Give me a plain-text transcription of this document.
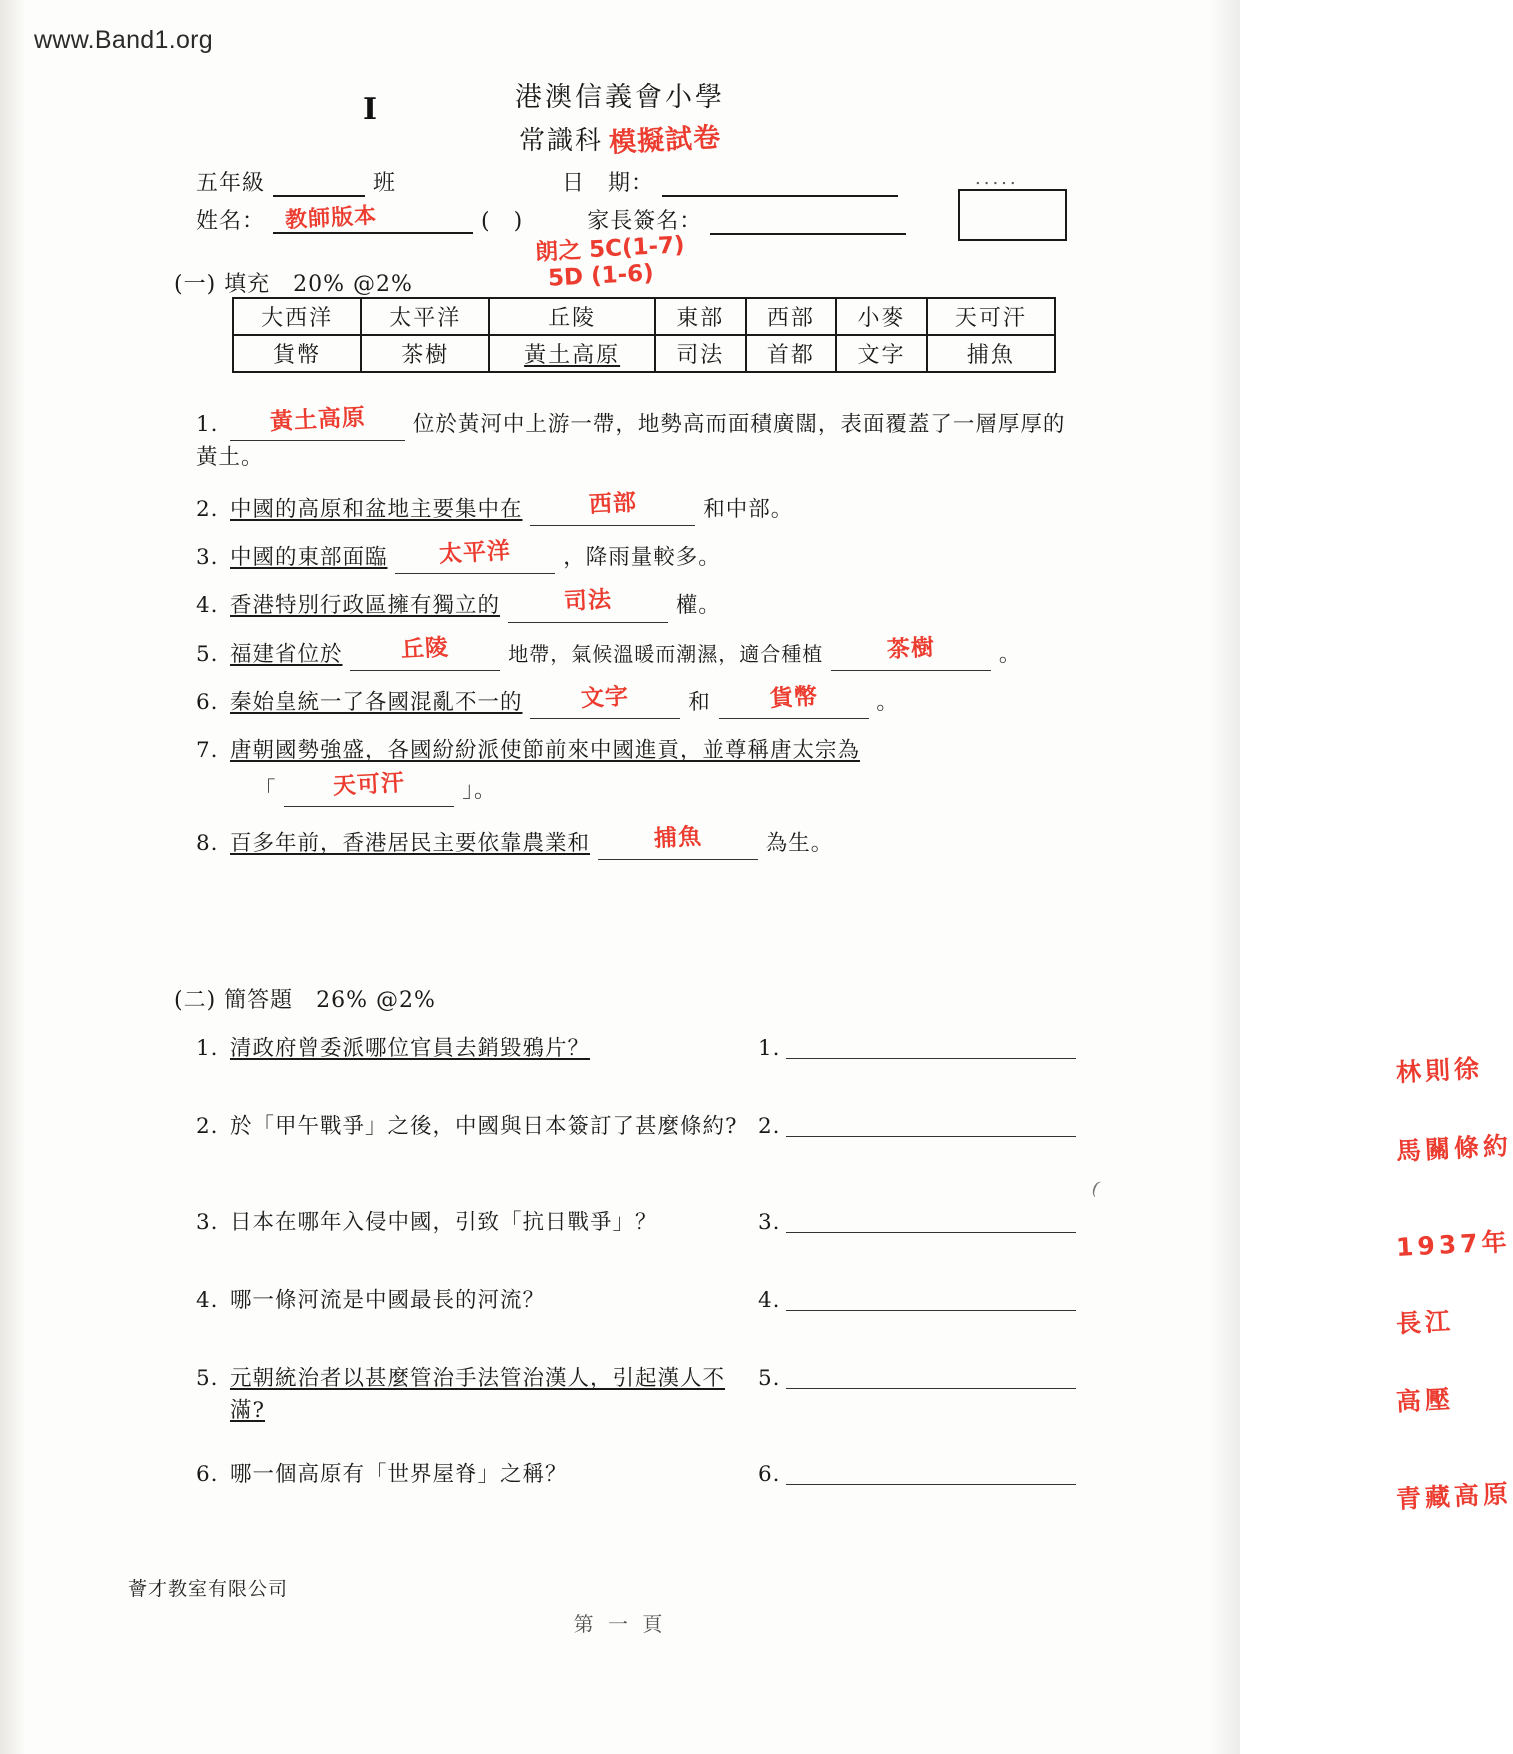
www.Band1.org
I	港澳信義會小學
常識科 模擬試卷
五年級	班	日　期：
姓名： 教師版本	(　)	家長簽名：
.....
朗之 5C(1-7)
5D (1-6)
(一) 填充　20% @2%
大西洋	太平洋	丘陵	東部	西部	小麥	天可汗
貨幣	茶樹	黃土高原	司法	首都	文字	捕魚
1. 黃土高原 位於黃河中上游一帶，地勢高而面積廣闊，表面覆蓋了一層厚厚的黃土。
2. 中國的高原和盆地主要集中在	西部	和中部。
3. 中國的東部面臨 太平洋 ，降雨量較多。
4. 香港特別行政區擁有獨立的	司法	權。
5. 福建省位於	丘陵	地帶，氣候溫暖而潮濕，適合種植	茶樹	。
6. 秦始皇統一了各國混亂不一的	文字	和	貨幣	。
7. 唐朝國勢強盛，各國紛紛派使節前來中國進貢，並尊稱唐太宗為
「 天可汗	」。
8. 百多年前，香港居民主要依靠農業和	捕魚	為生。
(二) 簡答題　26% @2%
1. 清政府曾委派哪位官員去銷毀鴉片？	1.
林則徐
2. 於「甲午戰爭」之後，中國與日本簽訂了甚麼條約? 2.
馬關條約
3. 日本在哪年入侵中國，引致「抗日戰爭」？	3.
1937年
4. 哪一條河流是中國最長的河流？	4.
長江
5. 元朝統治者以甚麼管治手法管治漢人，引起漢人不滿?
5.
高壓
6. 哪一個高原有「世界屋脊」之稱？	6.
青藏高原
(
薈才教室有限公司
第 一 頁
